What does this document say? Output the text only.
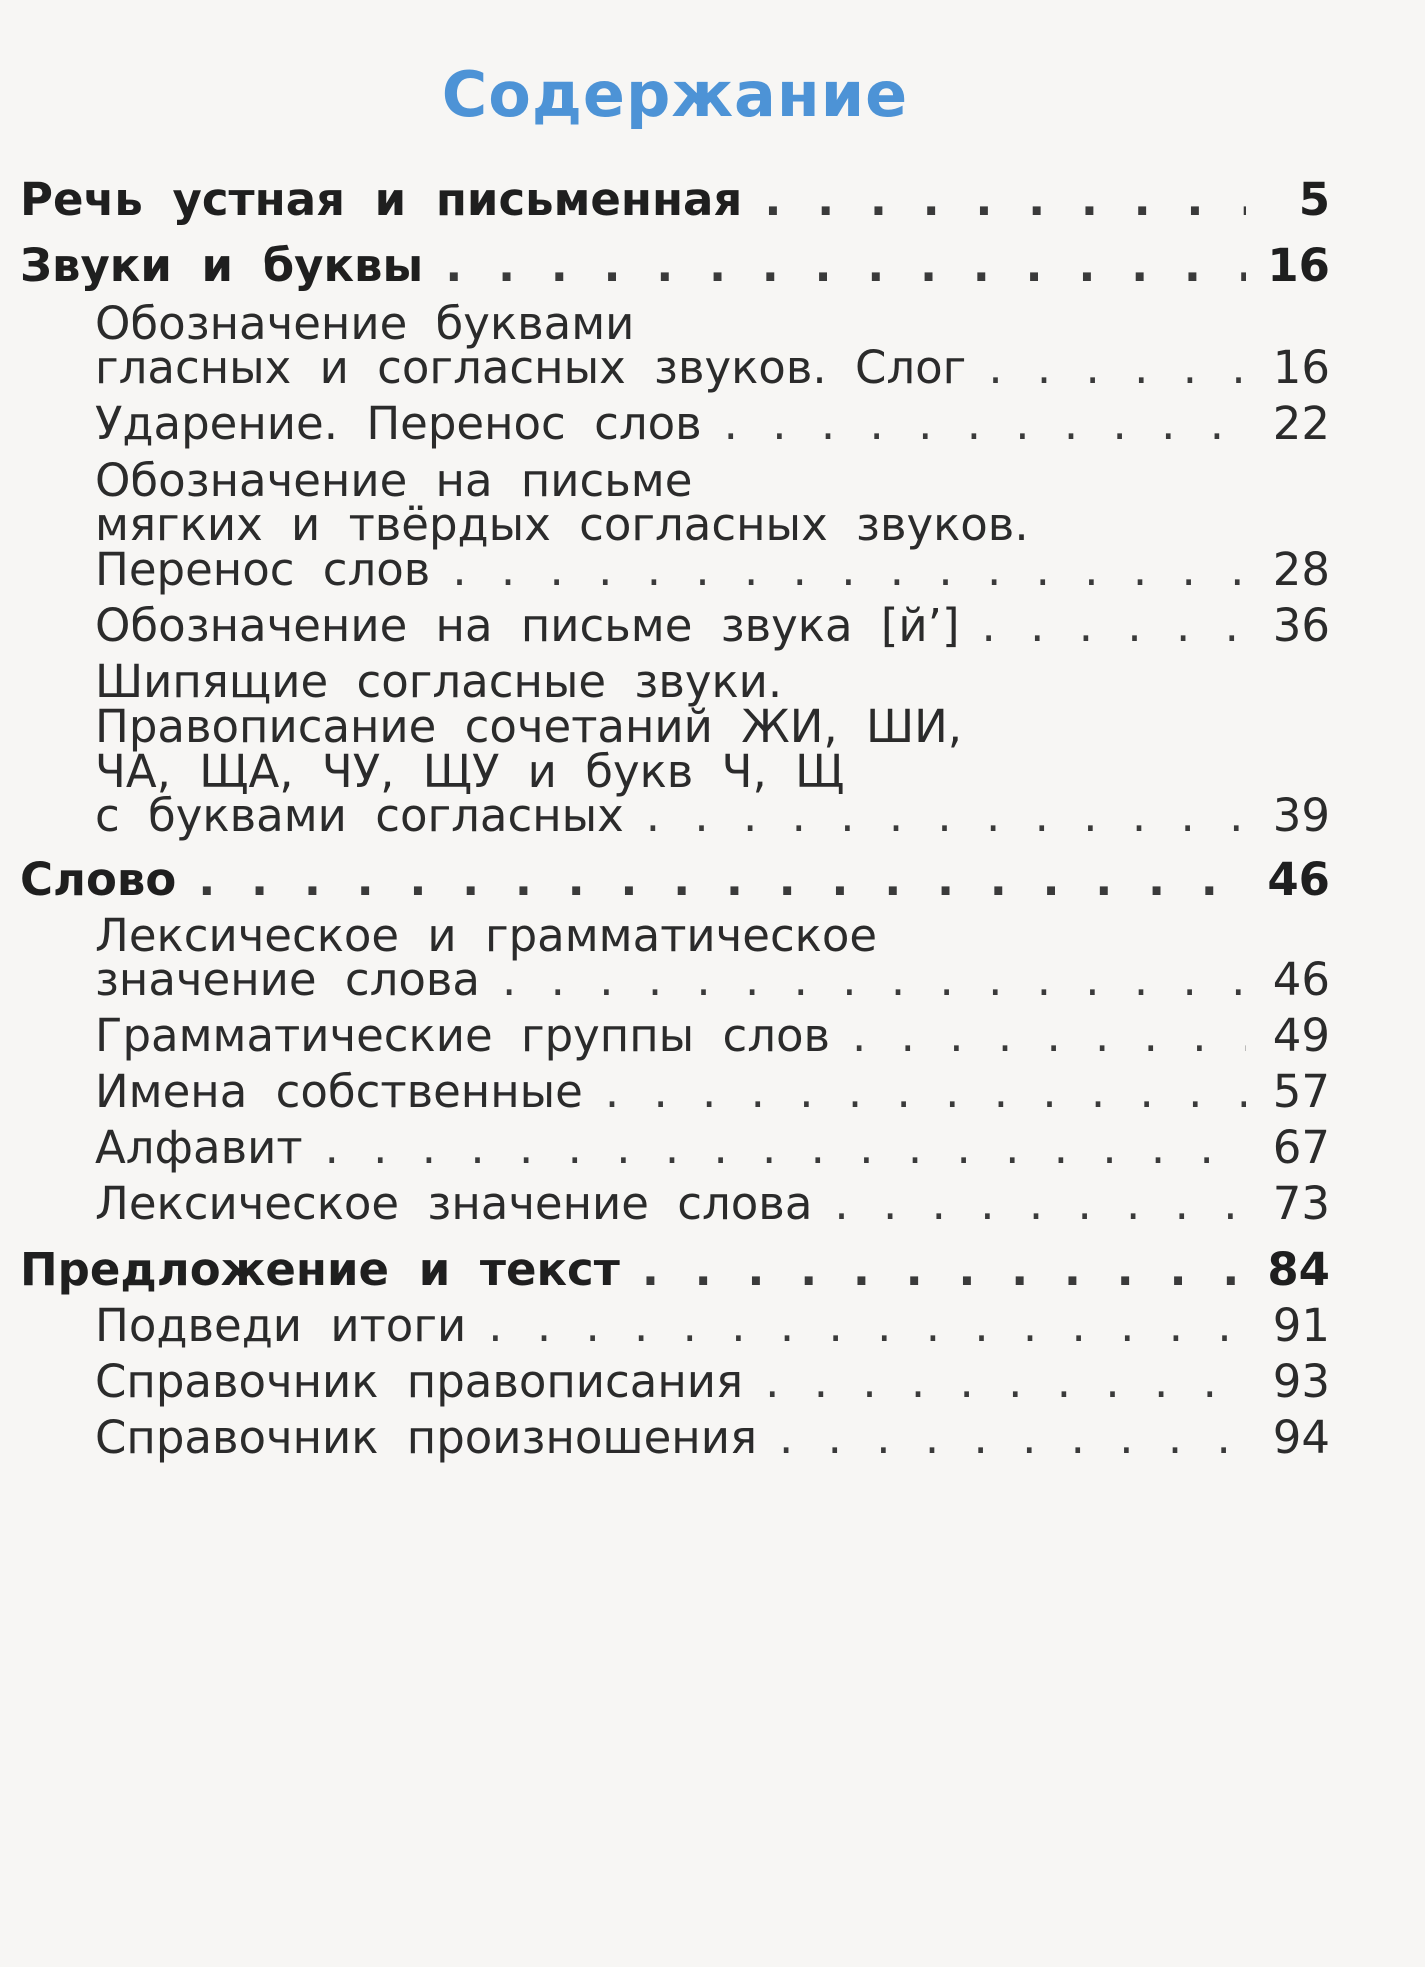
Содержание
Речь устная и письменная . . .	5
Звуки и буквы . . .	16
Обозначение буквами
гласных и согласных звуков. Слог . . .	16
Ударение. Перенос слов . . .	22
Обозначение на письме
мягких и твёрдых согласных звуков.
Перенос слов . . .	28
Обозначение на письме звука [й’] . . .	36
Шипящие согласные звуки.
Правописание сочетаний ЖИ, ШИ,
ЧА, ЩА, ЧУ, ЩУ и букв Ч, Щ
с буквами согласных . . .	39
Слово . . .	46
Лексическое и грамматическое
значение слова . . .	46
Грамматические группы слов . . .	49
Имена собственные . . .	57
Алфавит . . .	67
Лексическое значение слова . . .	73
Предложение и текст . . .	84
Подведи итоги . . .	91
Справочник правописания . . .	93
Справочник произношения . . .	94
